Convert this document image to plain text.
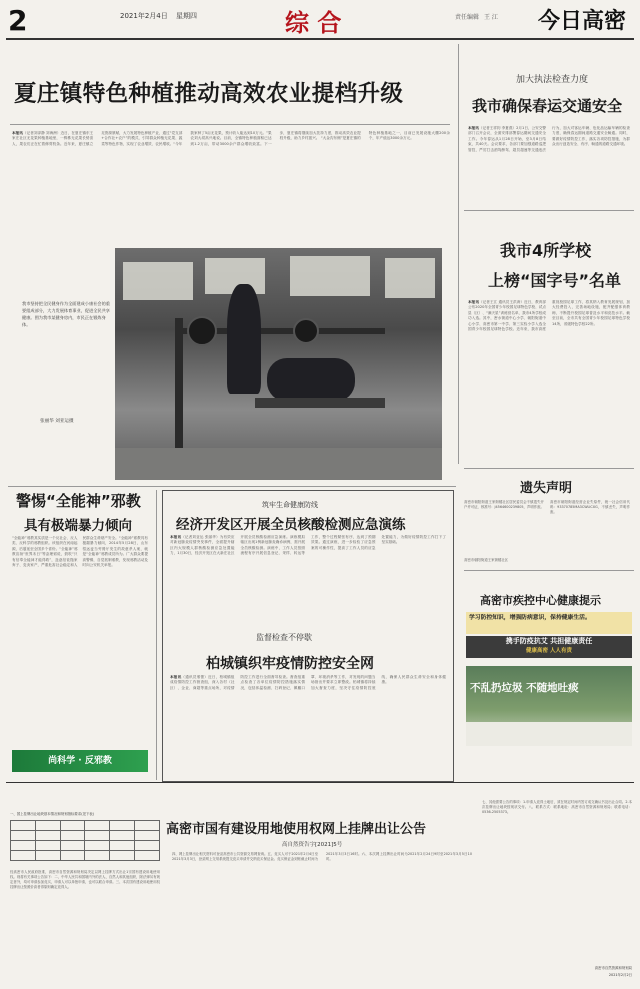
2	2021年2月4日 星期四	综 合	责任编辑 王 江 今日高密
夏庄镇特色种植推动高效农业提档升级
本报讯（记者刘泽静 刘海洲）近日，在夏庄镇东王家庄社区无花果种植基地里，一株株无花果长势喜人，果农们正在忙着修剪枝条。近年来，夏庄镇立足资源禀赋，大力发展特色种植产业，通过“党支部+合作社+农户”的模式，引导群众种植无花果、蔬菜等特色作物，实现了农业增效、农民增收。“今年我家种了5亩无花果，预计收入能达到10万元。”果农刘大叔高兴地说。目前，全镇特色种植面积已达到1.2万亩，带动3000余户群众增收致富。下一步，夏庄镇将继续加大扶持力度，推动高效农业提档升级，助力乡村振兴。 “大金沟东侧”是夏庄镇的特色种植基地之一，目前已发展设施大棚200余个，年产值达3000余万元。
加大执法检查力度
我市确保春运交通安全
本报讯（记者王祥钧 李夏燕）2月1日，公安交警部门召开会议，全面安排部署春运期间交通安全工作。今年春运从1月28日开始，至3月8日结束，共40天。会议要求，各部门要加强道路巡逻管控，严厉打击酒驾醉驾、超员超速等交通违法行为，加大对客运车辆、危化品运输车辆的检查力度，确保春运期间道路交通安全畅通。同时，要做好疫情防控工作，落实各项防控措施，为群众出行创造安全、有序、畅通的道路交通环境。
我市坚持把全民健身作为全面建成小康社会的重要组成部分，大力发展体育事业，促进全民共享健康。图为我市某健身房内，市民正在锻炼身体。
张丽华 刘亚运摄
我市4所学校
上榜“国字号”名单
本报讯（记者王江 通讯员王洪涛）近日，教育部公布2020年全国青少年校园足球特色学校、试点县（区）、“满天星”训练营名单，我市4所学校成功入选。其中，密水街道中心小学、朝阳街道中心小学、高密市第一中学、第三实验小学入选全国青少年校园足球特色学校。近年来，我市高度重视校园足球工作，将其纳入教育发展规划，加大经费投入，完善场地设施，配齐配强体育教师，不断提升校园足球普及水平和竞技水平。截至目前，全市共有全国青少年校园足球特色学校14所，省级特色学校22所。
遗失声明
高密市朝阳街道王家街楼社区居民委员会不慎遗失开户许可证，核准号：J4564600239805，声明作废。
高密市朝阳街道经营企业失原件，统一社会信用代码：93370785MA3CWLICXG，不慎丢失，声明作废。
高密市朝阳街道王家街楼社区
高密市疾控中心健康提示
学习防控知识，增强防病意识，保持健康生活。
携手防疫抗艾 共担健康责任
健康高密 人人有责
不乱扔垃圾 不随地吐痰
警惕“全能神”邪教
具有极端暴力倾向
“全能神”邪教其实质是一个反社会、反人类、反科学的邪教组织。该组织在河南起源，后蔓延至全国多个省份。“全能神”邪教宣扬“世界末日”等歪理邪说，鼓吹“只有信奉全能神才能得救”，蛊惑信徒抛家弃子、变卖家产，严重危害社会稳定和人民群众生命财产安全。“全能神”邪教具有极端暴力倾向，2014年5月28日，山东招远麦当劳餐厅发生的故意杀人案，就是“全能神”邪教成员所为。广大群众要提高警惕，自觉抵制邪教，发现邪教活动及时向公安机关举报。
尚科学 · 反邪教
筑牢生命健康防线
经济开发区开展全员核酸检测应急演练
本报讯（记者刘亚运 张丽华）为有效应对新冠肺炎疫情突发事件，全面提升辖区内大规模人群核酸检测应急处置能力，1月30日，经济开发区在大新庄社区开展全员核酸检测应急演练。演练模拟辖区出现1例新冠肺炎确诊病例，需开展全员核酸检测。演练中，工作人员按照流程有序开展信息登记、采样、转运等工作，整个过程紧张有序，达到了预期效果。通过演练，进一步检验了应急预案的可操作性，提高了工作人员的应急处置能力，为做好疫情防控工作打下了坚实基础。
监督检查不停歇
柏城镇织牢疫情防控安全网
本报讯（通讯员邢蕾）近日，柏城镇组成疫情防控工作督查组，深入各村（社区）、企业、商超等重点场所，对疫情防控工作进行全面督导检查。督查组重点检查了各单位疫情防控措施落实情况，包括体温检测、扫码登记、佩戴口罩、环境消杀等工作，对发现的问题当场指出并要求立即整改。柏城镇将持续加大督查力度，坚决守住疫情防控底线，确保人民群众生命安全和身体健康。
高密市国有建设用地使用权网上挂牌出让公告
高自然资告字[2021]5号
一、国上挂牌出让地块基本情况和规划指标要求(见下表)

经高密市人民政府批准，高密市自然资源和规划局决定以网上挂牌方式出让1宗国有建设用地使用权。现将有关事项公告如下：二、中华人民共和国境内外的法人、自然人和其他组织，除法律另有规定者外，均可申请参加竞买，申请人可以单独申请，也可以联合申请。三、本次国有建设用地使用权挂牌出让按照价高者得原则确定竞得人。
四、网上挂牌出让相关资料可登录高密市公共资源交易网查询。五、竞买人可于2021年2月4日至2021年3月3日，登录网上交易系统提交竞买申请并交纳竞买保证金。竞买保证金到账截止时间为2021年3月3日16时。六、本次网上挂牌出让时间为2021年2月24日9时至2021年3月5日10时。
七、其他需要公告的事项：1.申请人竞得土地后，须在规定时间内签订成交确认书及出让合同。2.本次挂牌出让地块按现状交付。八、联系方式：联系地址：高密市自然资源和规划局；联系电话：0536-2505373。
高密市自然资源和规划局
2021年2月2日
